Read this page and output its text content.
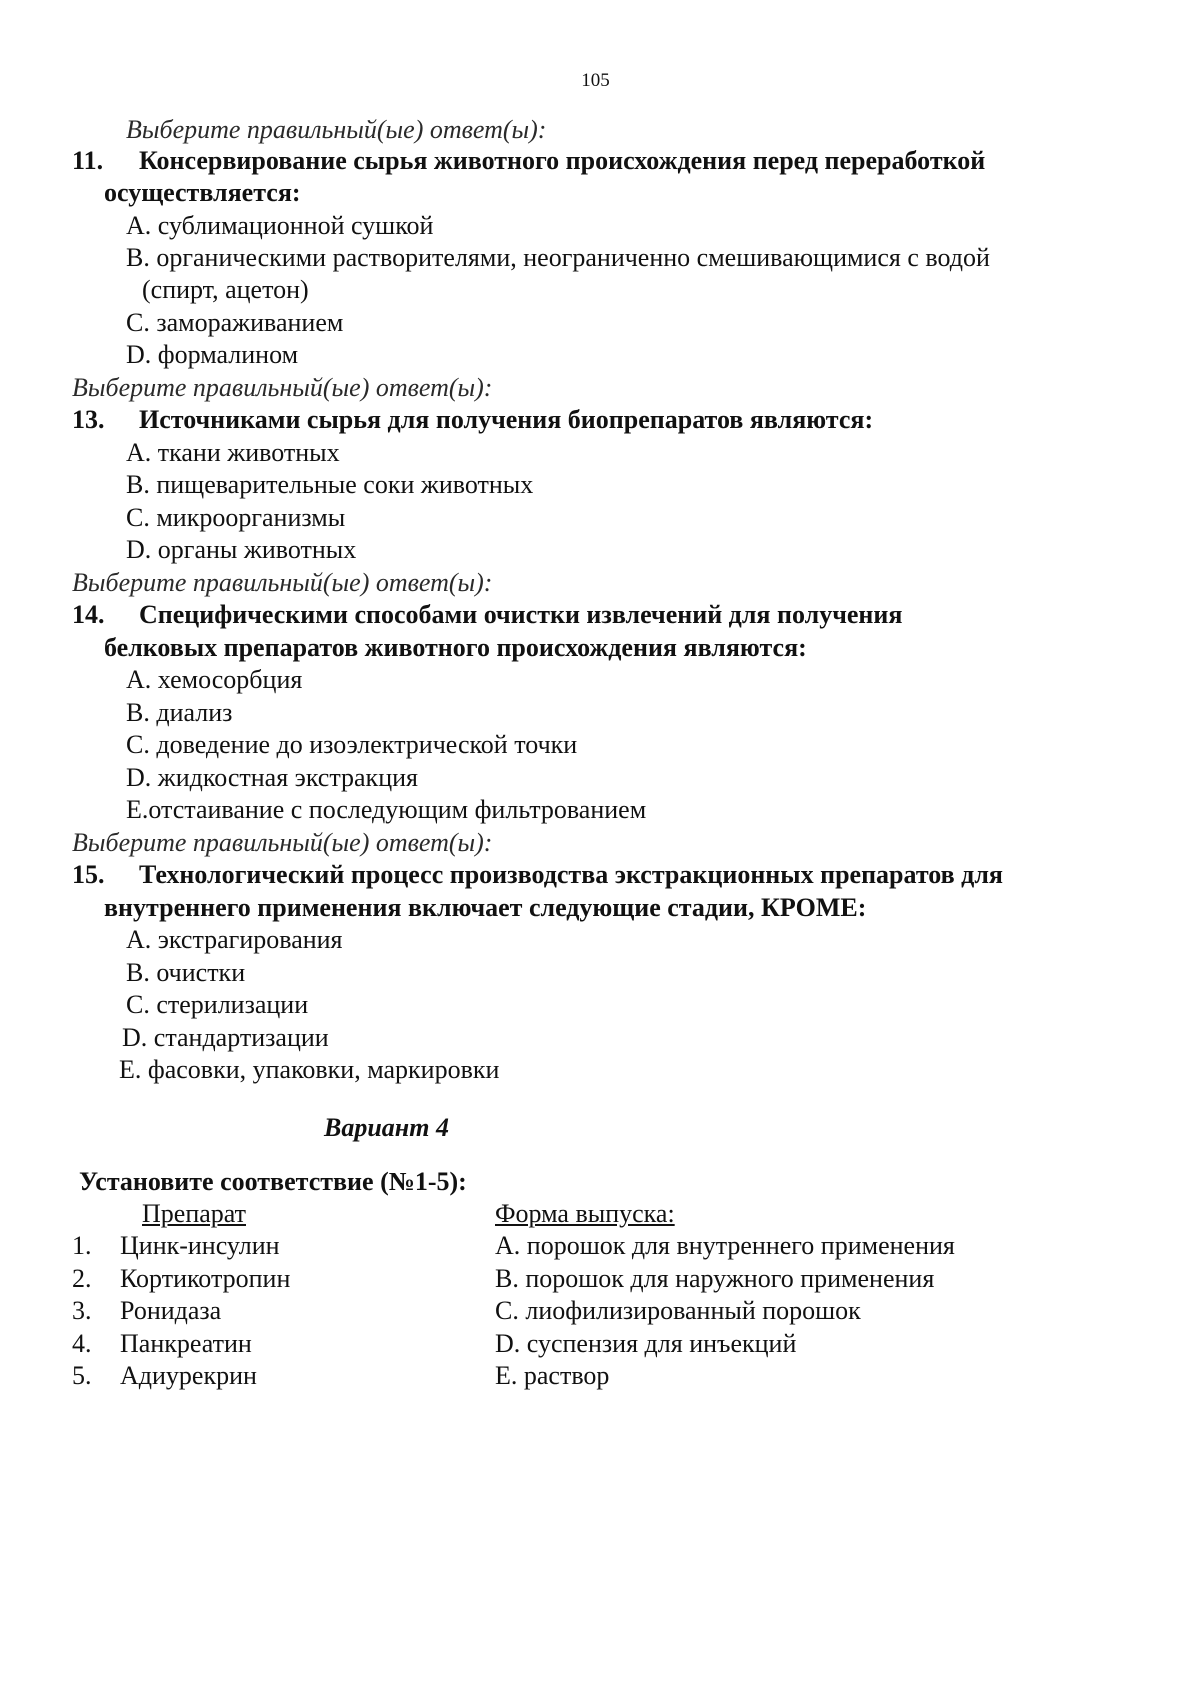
105
Выберите правильный(ые) ответ(ы):
11. Консервирование сырья животного происхождения перед переработкой
осуществляется:
A. сублимационной сушкой
B. органическими растворителями, неограниченно смешивающимися с водой
(спирт, ацетон)
C. замораживанием
D. формалином
Выберите правильный(ые) ответ(ы):
13. Источниками сырья для получения биопрепаратов являются:
A. ткани животных
B. пищеварительные соки животных
C. микроорганизмы
D. органы животных
Выберите правильный(ые) ответ(ы):
14. Специфическими способами очистки извлечений для получения
белковых препаратов животного происхождения являются:
A. хемосорбция
B. диализ
C. доведение до изоэлектрической точки
D. жидкостная экстракция
E.отстаивание с последующим фильтрованием
Выберите правильный(ые) ответ(ы):
15. Технологический процесс производства экстракционных препаратов для
внутреннего применения включает следующие стадии, КРОМЕ:
A. экстрагирования
B. очистки
C. стерилизации
D. стандартизации
E. фасовки, упаковки, маркировки
Вариант 4
Установите соответствие (№1-5):
Препарат	Форма выпуска:
1. Цинк-инсулин
2. Кортикотропин
3. Ронидаза
4. Панкреатин
5. Адиурекрин
A. порошок для внутреннего применения
B. порошок для наружного применения
C. лиофилизированный порошок
D. суспензия для инъекций
E. раствор
